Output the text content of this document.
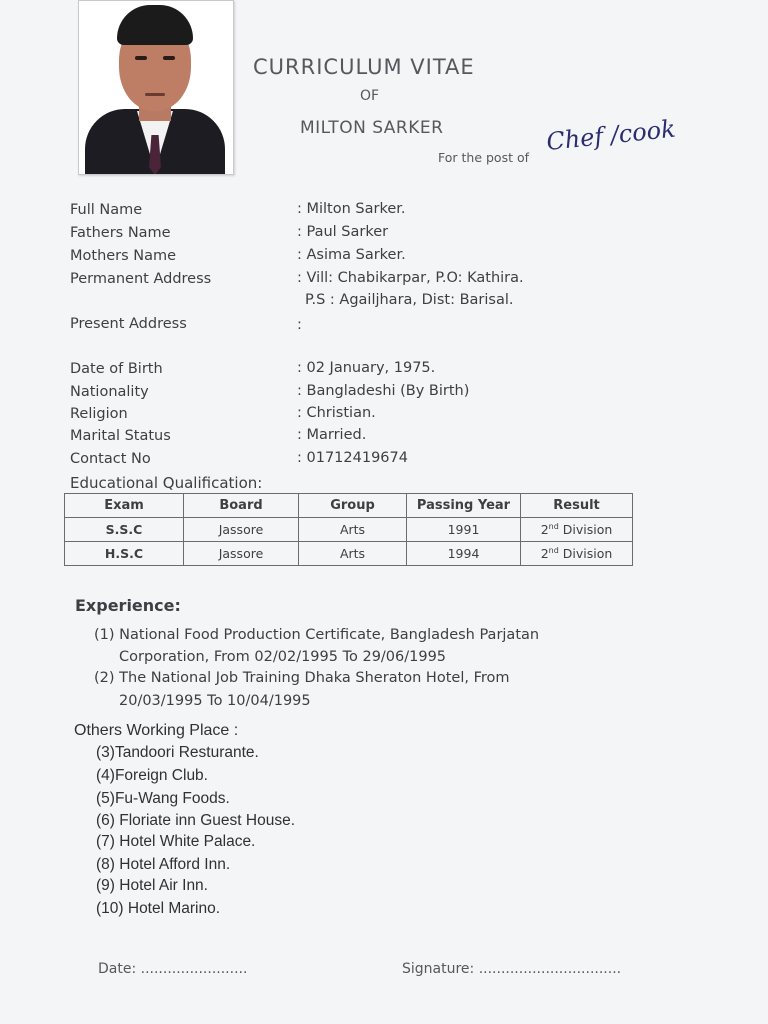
CURRICULUM VITAE
OF
MILTON SARKER
For the post of
Chef /cook
Full Name	: Milton Sarker.
Fathers Name	: Paul Sarker
Mothers Name	: Asima Sarker.
Permanent Address	: Vill: Chabikarpar, P.O: Kathira.
P.S : Agailjhara, Dist: Barisal.
Present Address	:
Date of Birth	: 02 January, 1975.
Nationality	: Bangladeshi (By Birth)
Religion	: Christian.
Marital Status	: Married.
Contact No	: 01712419674
Educational Qualification:
Exam	Board	Group	Passing Year	Result
S.S.C	Jassore	Arts	1991	2nd Division
H.S.C	Jassore	Arts	1994	2nd Division
Experience:
(1) National Food Production Certificate, Bangladesh Parjatan
Corporation, From 02/02/1995 To 29/06/1995
(2) The National Job Training Dhaka Sheraton Hotel, From
20/03/1995 To 10/04/1995
Others Working Place :
(3)Tandoori Resturante.
(4)Foreign Club.
(5)Fu-Wang Foods.
(6) Floriate inn Guest House.
(7) Hotel White Palace.
(8) Hotel Afford Inn.
(9) Hotel Air Inn.
(10) Hotel Marino.
Date: ........................	Signature: ................................
